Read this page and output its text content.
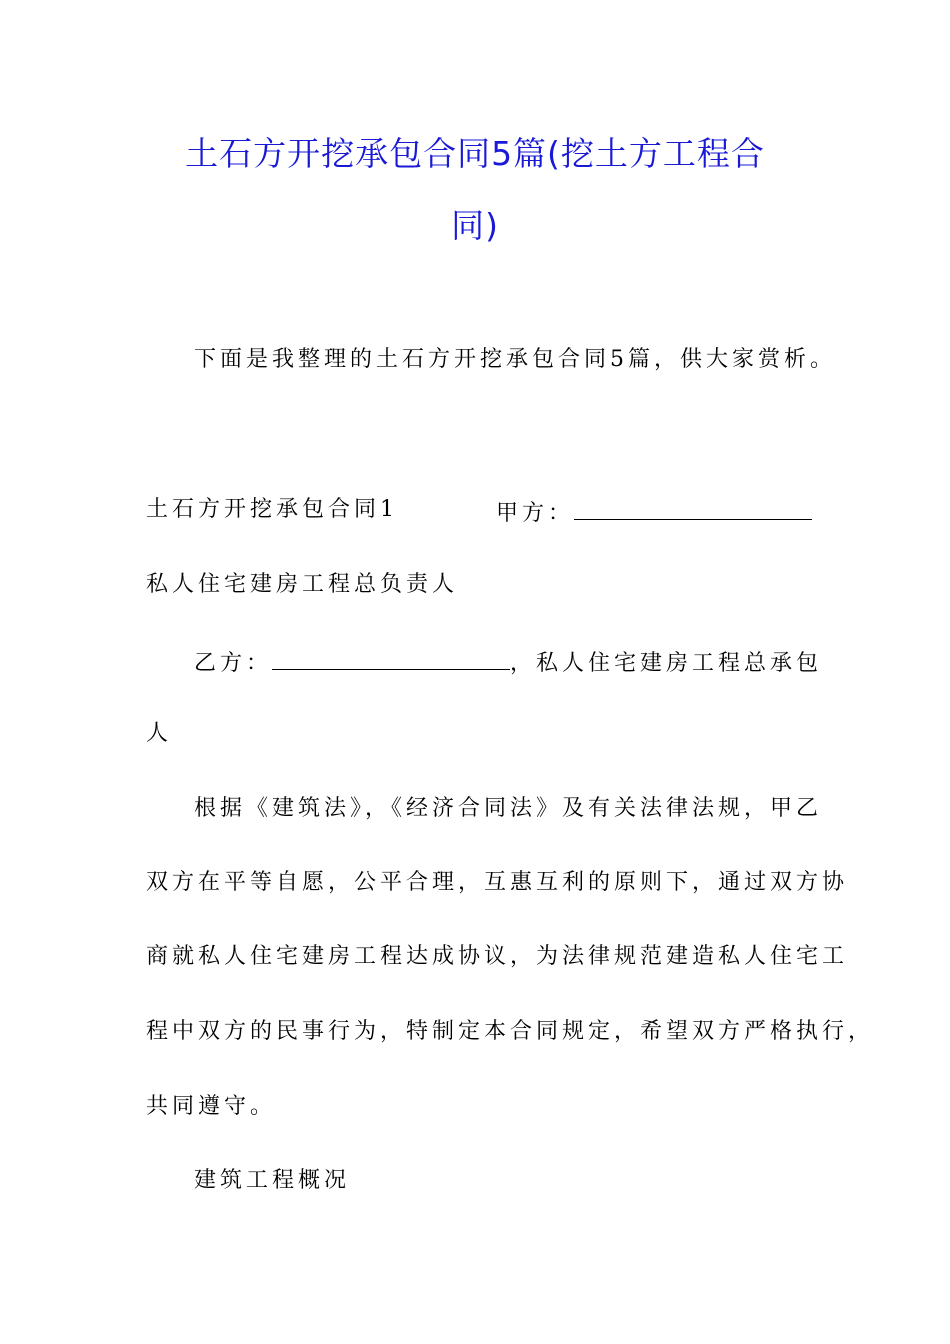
土石方开挖承包合同5篇(挖土方工程合
同)
下面是我整理的土石方开挖承包合同5篇，供大家赏析。
土石方开挖承包合同1	甲方：
私人住宅建房工程总负责人
乙方：	，私人住宅建房工程总承包
人
根据《建筑法》，《经济合同法》及有关法律法规，甲乙
双方在平等自愿，公平合理，互惠互利的原则下，通过双方协
商就私人住宅建房工程达成协议，为法律规范建造私人住宅工
程中双方的民事行为，特制定本合同规定，希望双方严格执行，
共同遵守。
建筑工程概况
